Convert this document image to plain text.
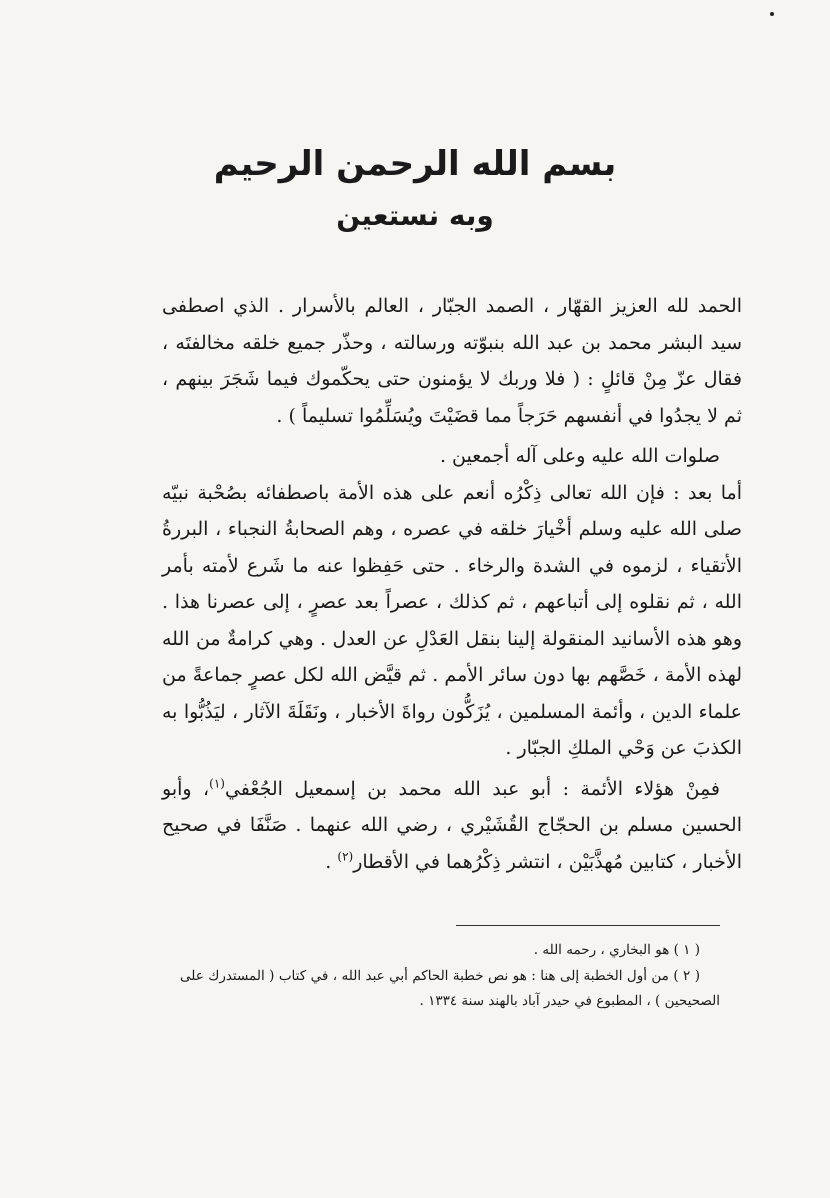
بسم الله الرحمن الرحيم
وبه نستعين

الحمد لله العزيز القهّار ، الصمد الجبّار ، العالم بالأسرار . الذي اصطفى سيد البشر محمد بن عبد الله بنبوّته ورسالته ، وحذّر جميع خلقه مخالفتَه ، فقال عزّ مِنْ قائلٍ : ( فلا وربك لا يؤمنون حتى يحكّموك فيما شَجَرَ بينهم ، ثم لا يجدُوا في أنفسهم حَرَجاً مما قضَيْتَ ويُسَلِّمُوا تسليماً ) .

صلوات الله عليه وعلى آله أجمعين .

أما بعد : فإن الله تعالى ذِكْرُه أنعم على هذه الأمة باصطفائه بصُحْبة نبيّه صلى الله عليه وسلم أخْيارَ خلقه في عصره ، وهم الصحابةُ النجباء ، البررةُ الأتقياء ، لزموه في الشدة والرخاء . حتى حَفِظوا عنه ما شَرع لأمته بأمر الله ، ثم نقلوه إلى أتباعهم ، ثم كذلك ، عصراً بعد عصرٍ ، إلى عصرنا هذا . وهو هذه الأسانيد المنقولة إلينا بنقل العَدْلِ عن العدل . وهي كرامةٌ من الله لهذه الأمة ، خَصَّهم بها دون سائر الأمم . ثم قيَّض الله لكل عصرٍ جماعةً من علماء الدين ، وأئمة المسلمين ، يُزَكُّون رواةَ الأخبار ، ونَقَلَةَ الآثار ، ليَذُبُّوا به الكذبَ عن وَحْي الملكِ الجبّار .

فمِنْ هؤلاء الأئمة : أبو عبد الله محمد بن إسمعيل الجُعْفي$^{(١)}$، وأبو الحسين مسلم بن الحجّاج القُشَيْري ، رضي الله عنهما . صَنَّفَا في صحيح الأخبار ، كتابين مُهذَّبَيْن ، انتشر ذِكْرُهما في الأقطار$^{(٢)}$ .

( ١ ) هو البخاري ، رحمه الله .

( ٢ ) من أول الخطبة إلى هنا : هو نص خطبة الحاكم أبي عبد الله ، في كتاب ( المستدرك على الصحيحين ) ، المطبوع في حيدر آباد بالهند سنة ١٣٣٤ .
